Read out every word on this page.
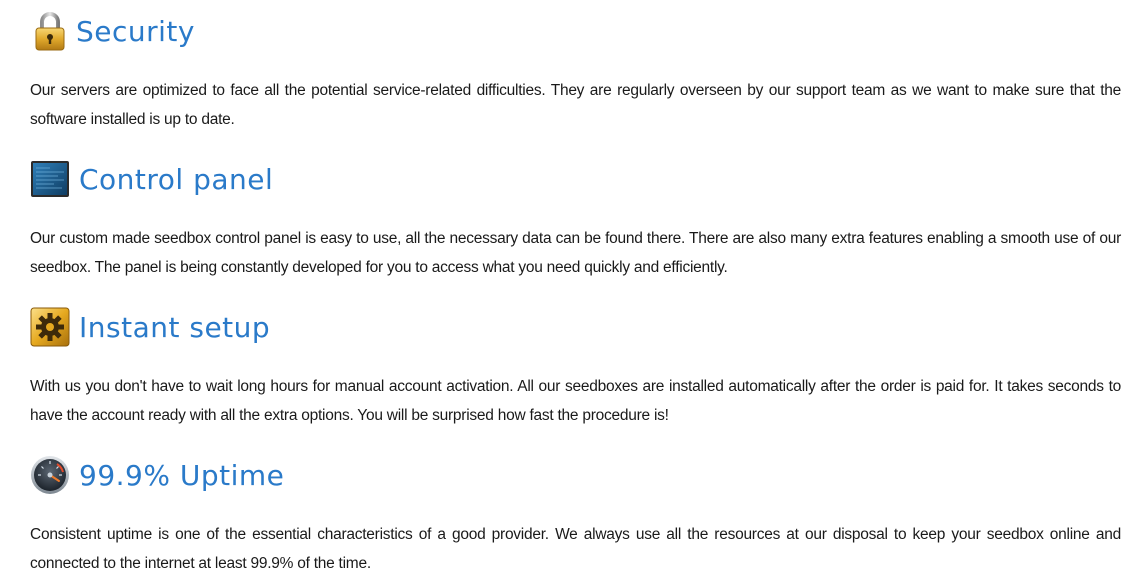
Security

Our servers are optimized to face all the potential service-related difficulties. They are regularly overseen by our support team as we want to make sure that the software installed is up to date.

Control panel

Our custom made seedbox control panel is easy to use, all the necessary data can be found there. There are also many extra features enabling a smooth use of our seedbox. The panel is being constantly developed for you to access what you need quickly and efficiently.

Instant setup

With us you don't have to wait long hours for manual account activation. All our seedboxes are installed automatically after the order is paid for. It takes seconds to have the account ready with all the extra options. You will be surprised how fast the procedure is!

99.9% Uptime

Consistent uptime is one of the essential characteristics of a good provider. We always use all the resources at our disposal to keep your seedbox online and connected to the internet at least 99.9% of the time.
